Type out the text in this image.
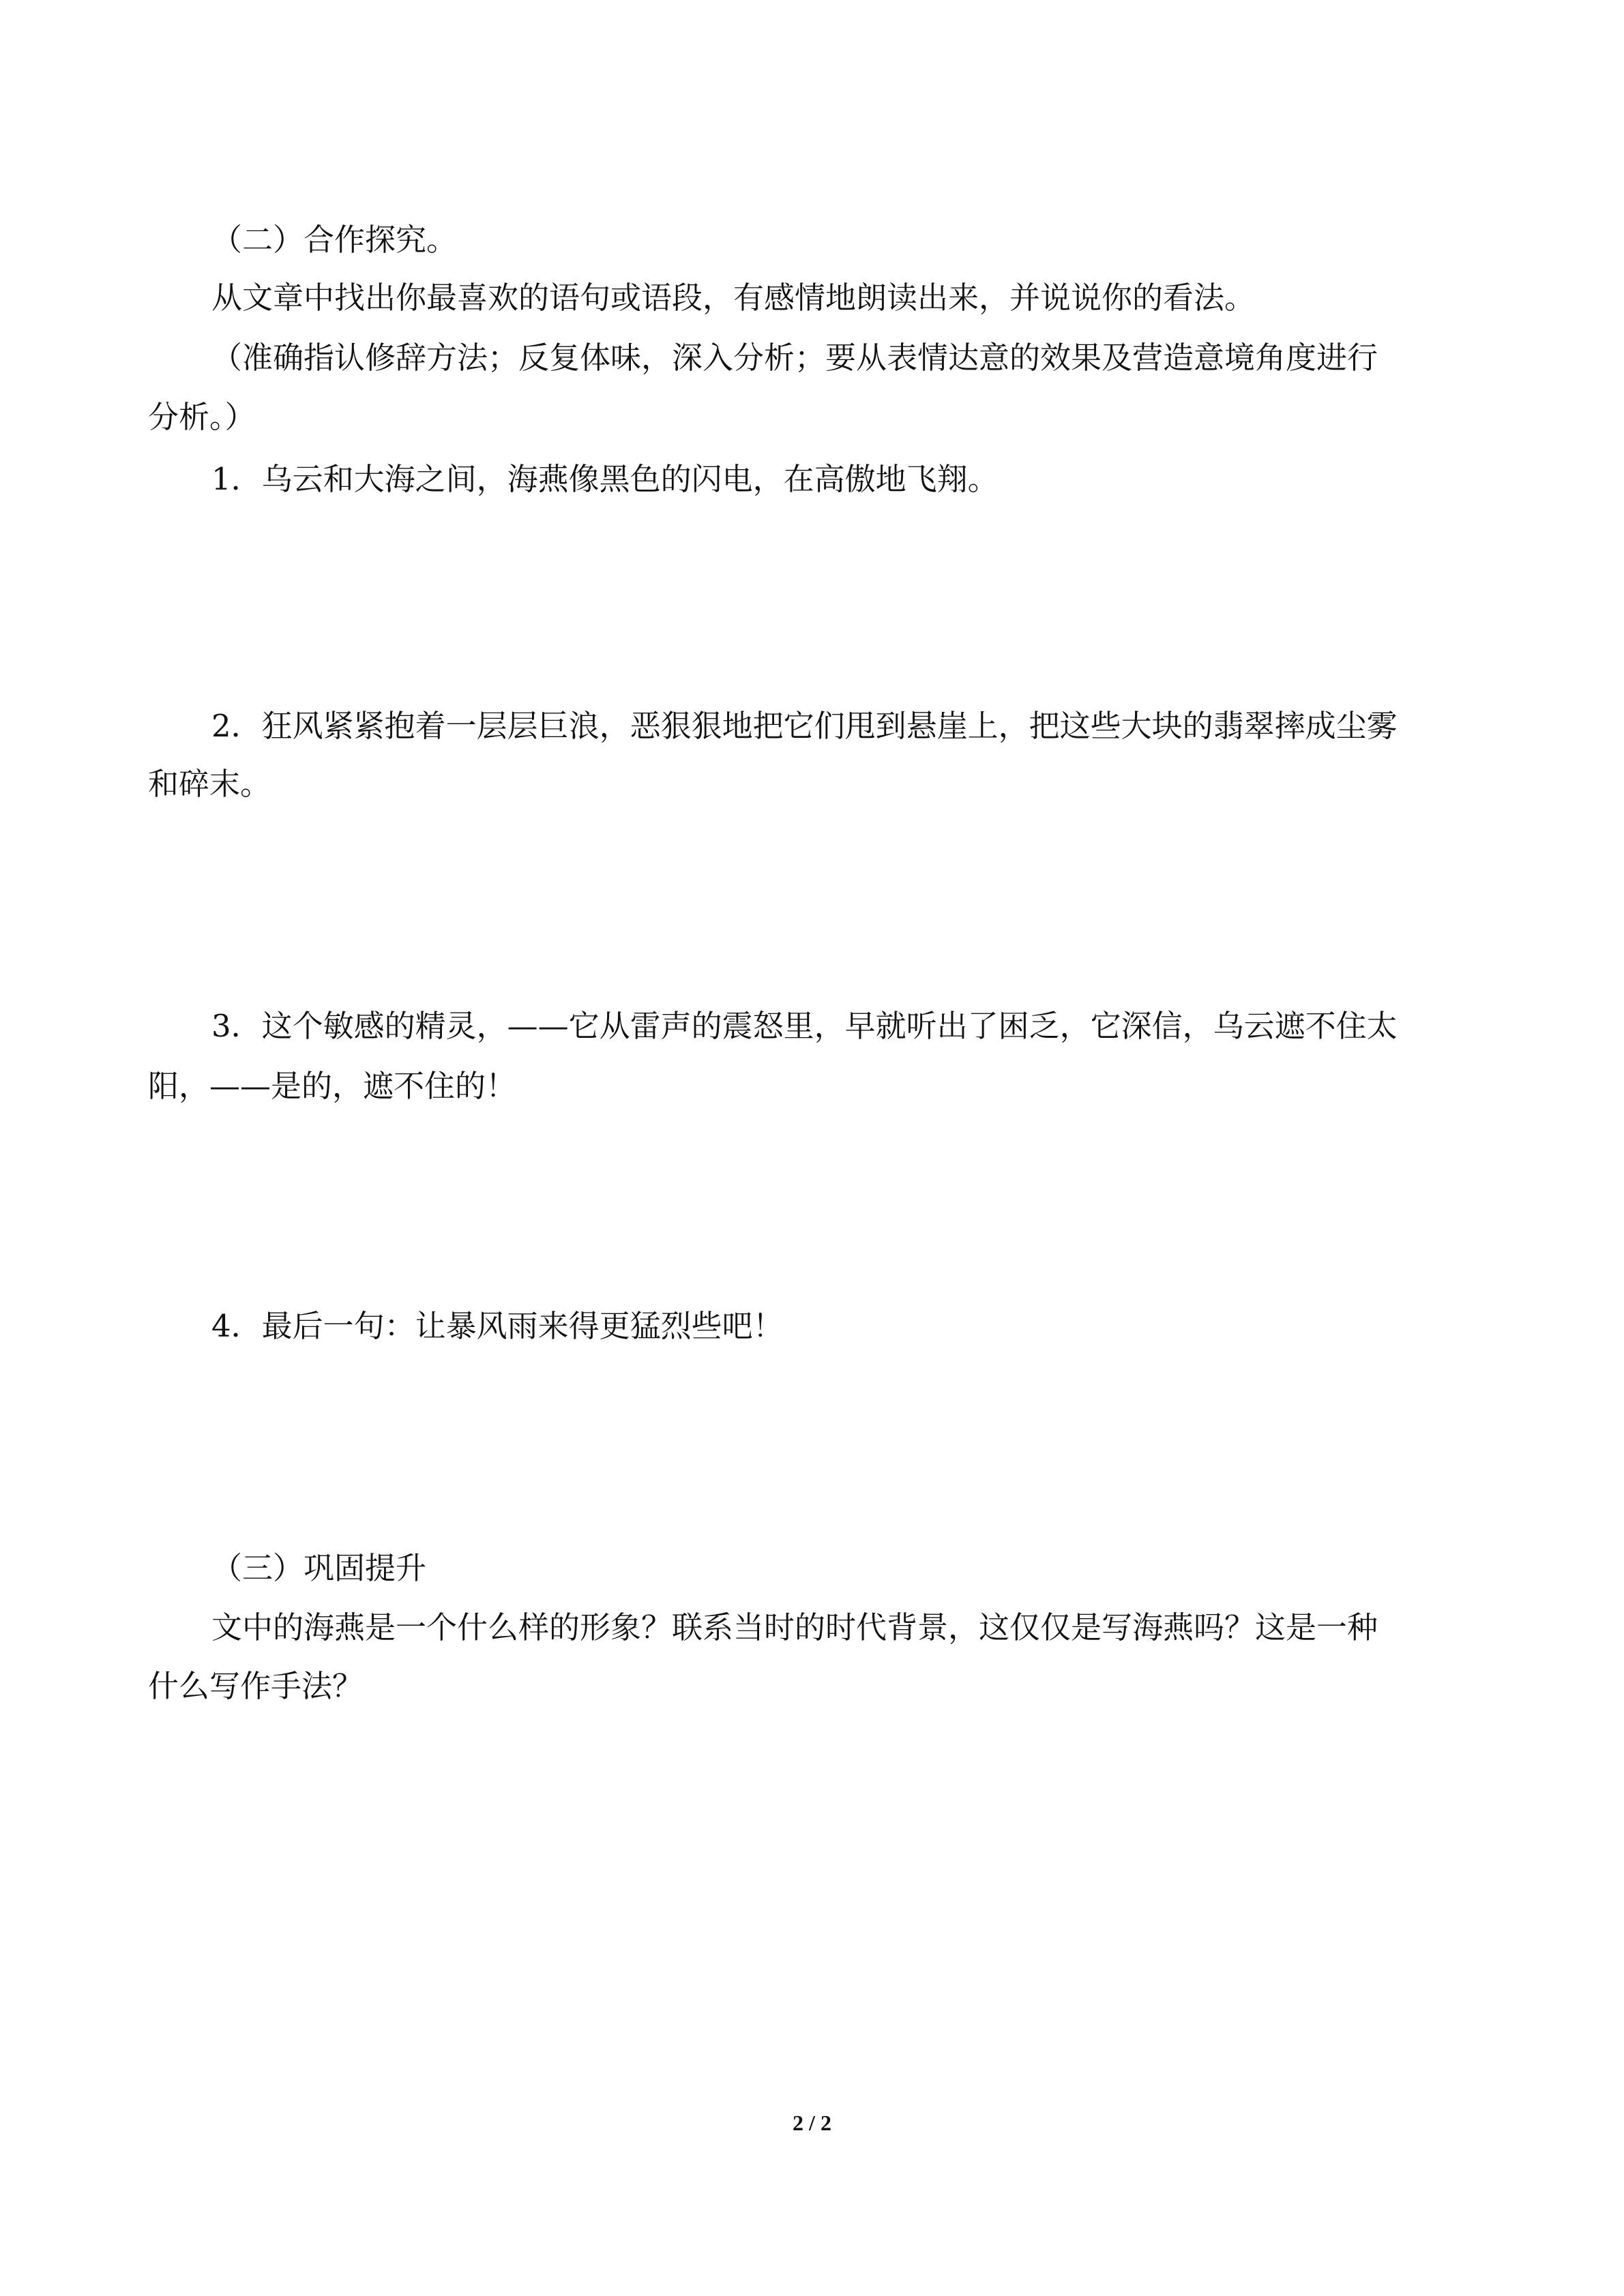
（二）合作探究。
从文章中找出你最喜欢的语句或语段，有感情地朗读出来，并说说你的看法。
（准确指认修辞方法；反复体味，深入分析；要从表情达意的效果及营造意境角度进行
分析。）
1．乌云和大海之间，海燕像黑色的闪电，在高傲地飞翔。
2．狂风紧紧抱着一层层巨浪，恶狠狠地把它们甩到悬崖上，把这些大块的翡翠摔成尘雾
和碎末。
3．这个敏感的精灵，——它从雷声的震怒里，早就听出了困乏，它深信，乌云遮不住太
阳，——是的，遮不住的！
4．最后一句：让暴风雨来得更猛烈些吧！
（三）巩固提升
文中的海燕是一个什么样的形象？联系当时的时代背景，这仅仅是写海燕吗？这是一种
什么写作手法？
2 / 2
